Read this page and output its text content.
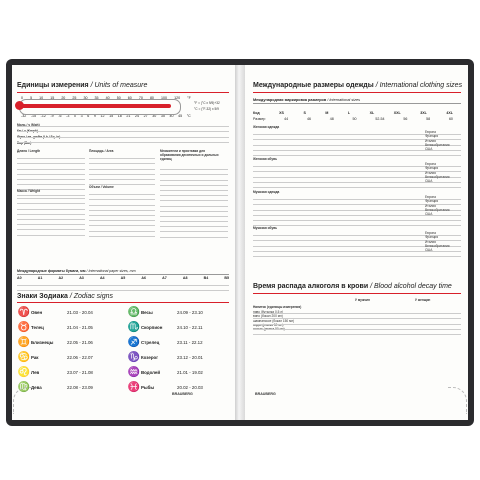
Единицы измерения / Units of measure
0 5 10 15 20 25 30 35 40 50 60 70 80 100 120 °F
-32 -15 -12 -9 -6 -3 0 3 6 9 12 15 18 21 24 27 30 35 40 45 °C
°F = (°C x 9/5)+32
°C = (°F-32) x 5/9
Миль / ч (Mph)
Км / ч (Kmph)
Фунт / кв. дюйм (Lb / Sq. in)
Бар (Bar)
Длина / Length	Площадь / Area	Множители и приставки для образования десятичных и дольных единиц
Масса / Weight
Объем / Volume
Международные форматы бумаги, мм / International paper sizes, mm
A0	A1	A2	A3	A4	A5	A6	A7	A8	B4	B5
Знаки Зодиака / Zodiac signs
♈ Овен	21.03 - 20.04
♉ Телец	21.04 - 21.05
♊ Близнецы	22.05 - 21.06
♋ Рак	22.06 - 22.07
♌ Лев	23.07 - 21.08
♍ Дева	22.08 - 23.09
♎ Весы	24.09 - 23.10
♏ Скорпион	24.10 - 22.11
♐ Стрелец	23.11 - 22.12
♑ Козерог	23.12 - 20.01
♒ Водолей	21.01 - 19.02
♓ Рыбы	20.02 - 20.03
BRAUBERG
Международные размеры одежды / International clothing sizes
Международная маркировка размеров / International sizes
Код	XS	S	M	L	XL	XXL	3XL	4XL
Размер	44	46	48	50	52-54	56	58	60
Женская одежда
Женская обувь
Мужская одежда
Мужская обувь
Европа
Франция
Италия
Великобритания
США
Европа
Франция
Италия
Великобритания
США
Европа
Франция
Италия
Великобритания
США
Европа
Франция
Италия
Великобритания
США
Время распада алкоголя в крови / Blood alcohol decay time
У мужчин	У женщин
Напиток (единицы измерения)
пиво (бутылка 0,5 л)
вино (бокал 200 мл)
шампанское (бокал 150 мл)
водка (рюмка 50 мл)
коньяк (рюмка 50 мл)
BRAUBERG
